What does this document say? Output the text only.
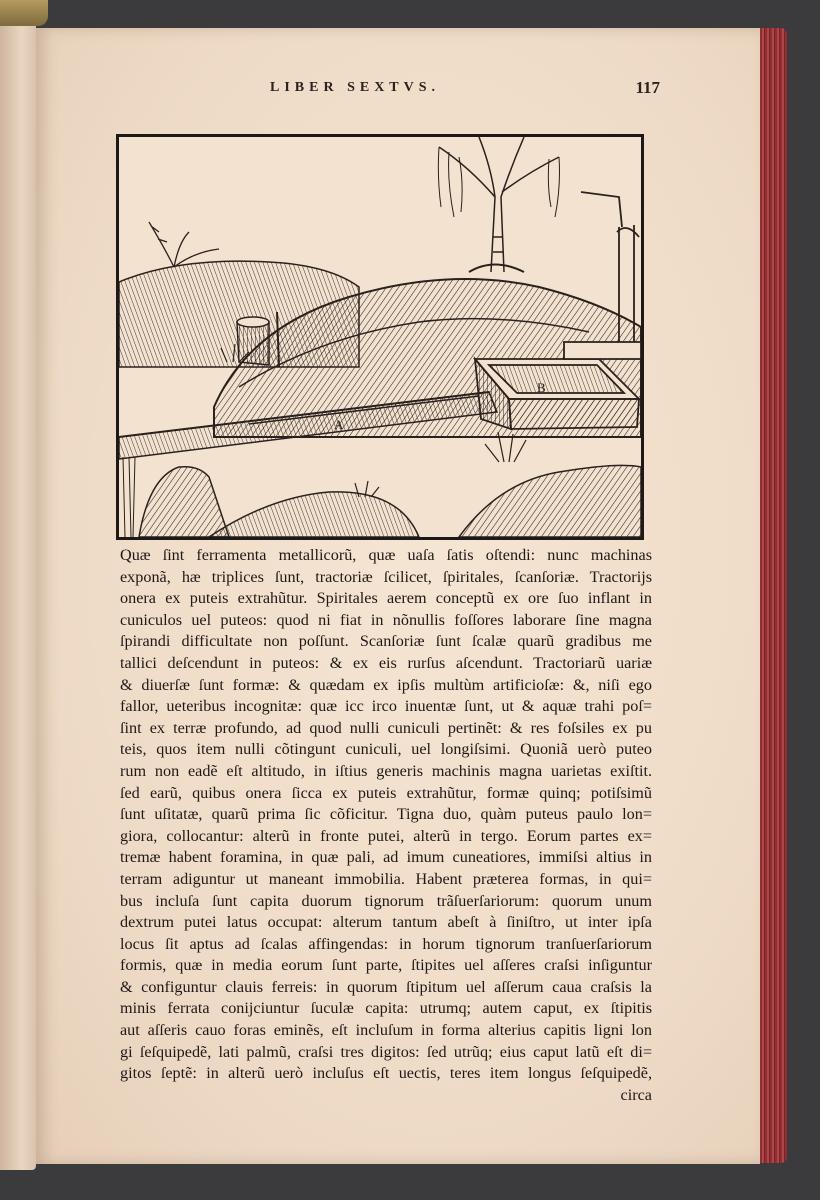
LIBER SEXTVS.	117
A
B
Quæ ſint ferramenta metallicorũ, quæ uaſa ſatis oſtendi: nunc machinas
exponã, hæ triplices ſunt, tractoriæ ſcilicet, ſpiritales, ſcanſoriæ. Tractorijs
onera ex puteis extrahũtur. Spiritales aerem conceptũ ex ore ſuo inflant in
cuniculos uel puteos: quod ni fiat in nõnullis foſſores laborare ſine magna
ſpirandi difficultate non poſſunt. Scanſoriæ ſunt ſcalæ quarũ gradibus me
tallici deſcendunt in puteos: & ex eis rurſus aſcendunt. Tractoriarũ uariæ
& diuerſæ ſunt formæ: & quædam ex ipſis multùm artificioſæ: &, niſi ego
fallor, ueteribus incognitæ: quæ icc irco inuentæ ſunt, ut & aquæ trahi poſ=
ſint ex terræ profundo, ad quod nulli cuniculi pertinẽt: & res foſsiles ex pu
teis, quos item nulli cõtingunt cuniculi, uel longiſsimi. Quoniã uerò puteo
rum non eadẽ eſt altitudo, in iſtius generis machinis magna uarietas exiſtit.
ſed earũ, quibus onera ſicca ex puteis extrahũtur, formæ quinq; potiſsimũ
ſunt uſitatæ, quarũ prima ſic cõficitur. Tigna duo, quàm puteus paulo lon=
giora, collocantur: alterũ in fronte putei, alterũ in tergo. Eorum partes ex=
tremæ habent foramina, in quæ pali, ad imum cuneatiores, immiſsi altius in
terram adiguntur ut maneant immobilia. Habent præterea formas, in qui=
bus incluſa ſunt capita duorum tignorum trãſuerſariorum: quorum unum
dextrum putei latus occupat: alterum tantum abeſt à ſiniſtro, ut inter ipſa
locus ſit aptus ad ſcalas affingendas: in horum tignorum tranſuerſariorum
formis, quæ in media eorum ſunt parte, ſtipites uel aſſeres craſsi inſiguntur
& configuntur clauis ferreis: in quorum ſtipitum uel aſſerum caua craſsis la
minis ferrata conijciuntur ſuculæ capita: utrumq; autem caput, ex ſtipitis
aut aſſeris cauo foras eminẽs, eſt incluſum in forma alterius capitis ligni lon
gi ſeſquipedẽ, lati palmũ, craſsi tres digitos: ſed utrũq; eius caput latũ eſt di=
gitos ſeptẽ: in alterũ uerò incluſus eſt uectis, teres item longus ſeſquipedẽ,
circa
